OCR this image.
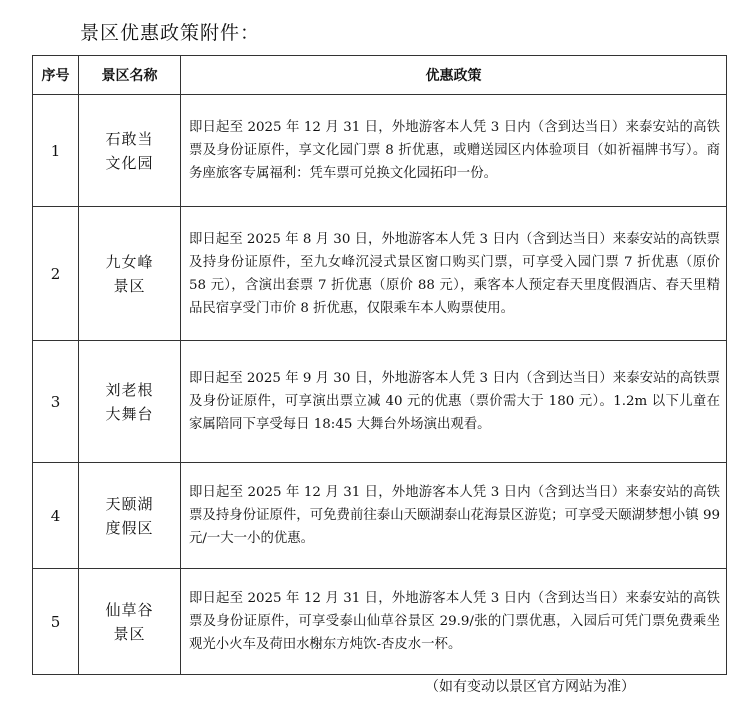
景区优惠政策附件：
序号	景区名称	优惠政策
1	石敢当文化园	即日起至 2025 年 12 月 31 日，外地游客本人凭 3 日内（含到达当日）来泰安站的高铁票及身份证原件，享文化园门票 8 折优惠，或赠送园区内体验项目（如祈福牌书写）。商务座旅客专属福利：凭车票可兑换文化园拓印一份。
2	九女峰景区	即日起至 2025 年 8 月 30 日，外地游客本人凭 3 日内（含到达当日）来泰安站的高铁票及持身份证原件，至九女峰沉浸式景区窗口购买门票，可享受入园门票 7 折优惠（原价 58 元），含演出套票 7 折优惠（原价 88 元），乘客本人预定春天里度假酒店、春天里精品民宿享受门市价 8 折优惠，仅限乘车本人购票使用。
3	刘老根大舞台	即日起至 2025 年 9 月 30 日，外地游客本人凭 3 日内（含到达当日）来泰安站的高铁票及身份证原件，可享演出票立减 40 元的优惠（票价需大于 180 元）。1.2m 以下儿童在家属陪同下享受每日 18:45 大舞台外场演出观看。
4	天颐湖度假区	即日起至 2025 年 12 月 31 日，外地游客本人凭 3 日内（含到达当日）来泰安站的高铁票及持身份证原件，可免费前往泰山天颐湖泰山花海景区游览；可享受天颐湖梦想小镇 99 元/一大一小的优惠。
5	仙草谷景区	即日起至 2025 年 12 月 31 日，外地游客本人凭 3 日内（含到达当日）来泰安站的高铁票及身份证原件，可享受泰山仙草谷景区 29.9/张的门票优惠，入园后可凭门票免费乘坐观光小火车及荷田水榭东方炖饮-杏皮水一杯。
（如有变动以景区官方网站为准）
